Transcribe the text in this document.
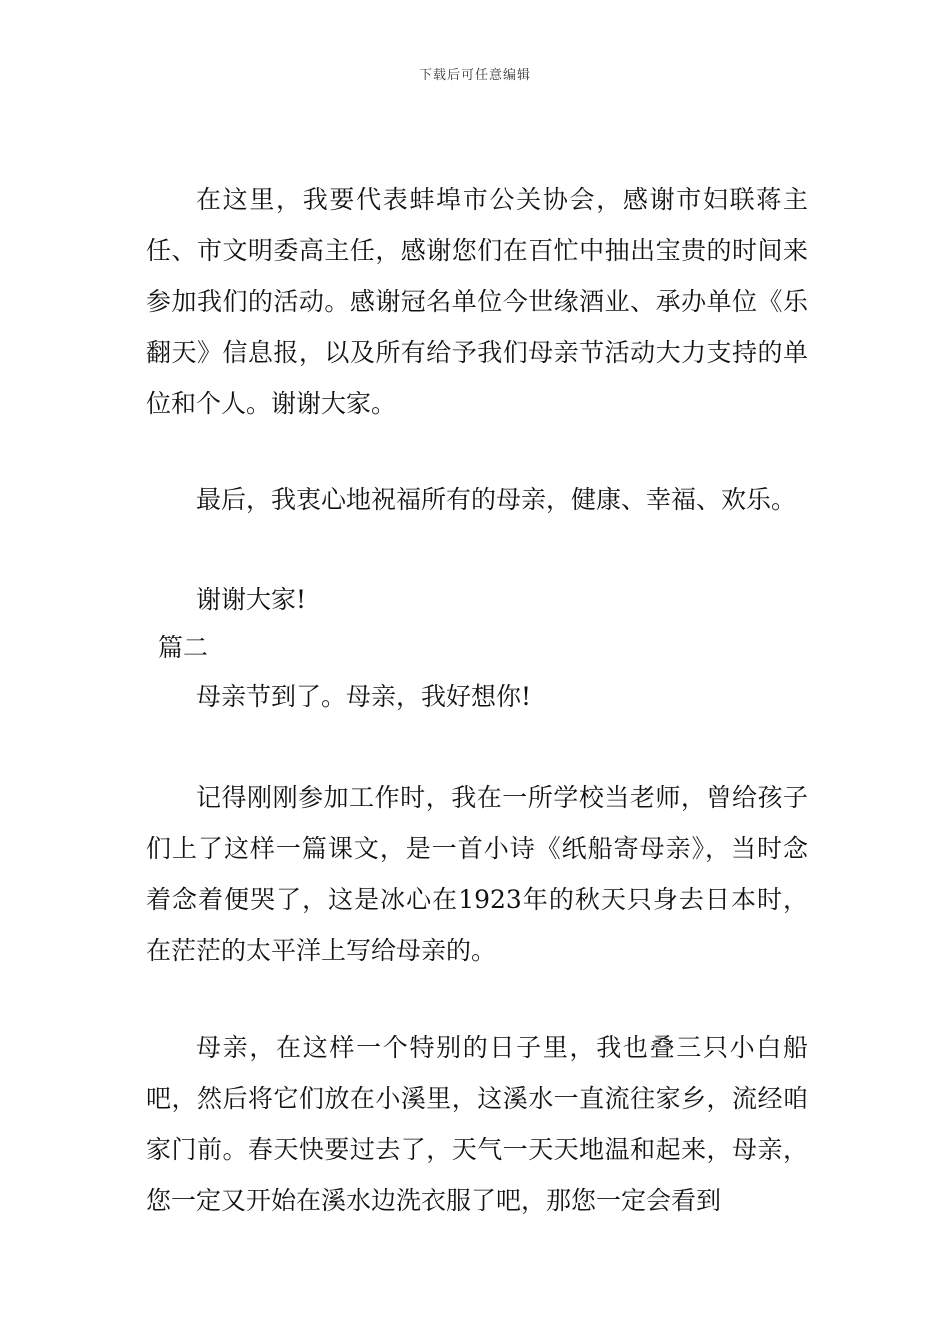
下载后可任意编辑

在这里，我要代表蚌埠市公关协会，感谢市妇联蒋主任、市文明委高主任，感谢您们在百忙中抽出宝贵的时间来参加我们的活动。感谢冠名单位今世缘酒业、承办单位《乐翻天》信息报，以及所有给予我们母亲节活动大力支持的单位和个人。谢谢大家。

最后，我衷心地祝福所有的母亲，健康、幸福、欢乐。

谢谢大家!

篇二

母亲节到了。母亲，我好想你!

记得刚刚参加工作时，我在一所学校当老师，曾给孩子们上了这样一篇课文，是一首小诗《纸船寄母亲》，当时念着念着便哭了，这是冰心在1923年的秋天只身去日本时，在茫茫的太平洋上写给母亲的。

母亲，在这样一个特别的日子里，我也叠三只小白船吧，然后将它们放在小溪里，这溪水一直流往家乡，流经咱家门前。春天快要过去了，天气一天天地温和起来，母亲，您一定又开始在溪水边洗衣服了吧，那您一定会看到
